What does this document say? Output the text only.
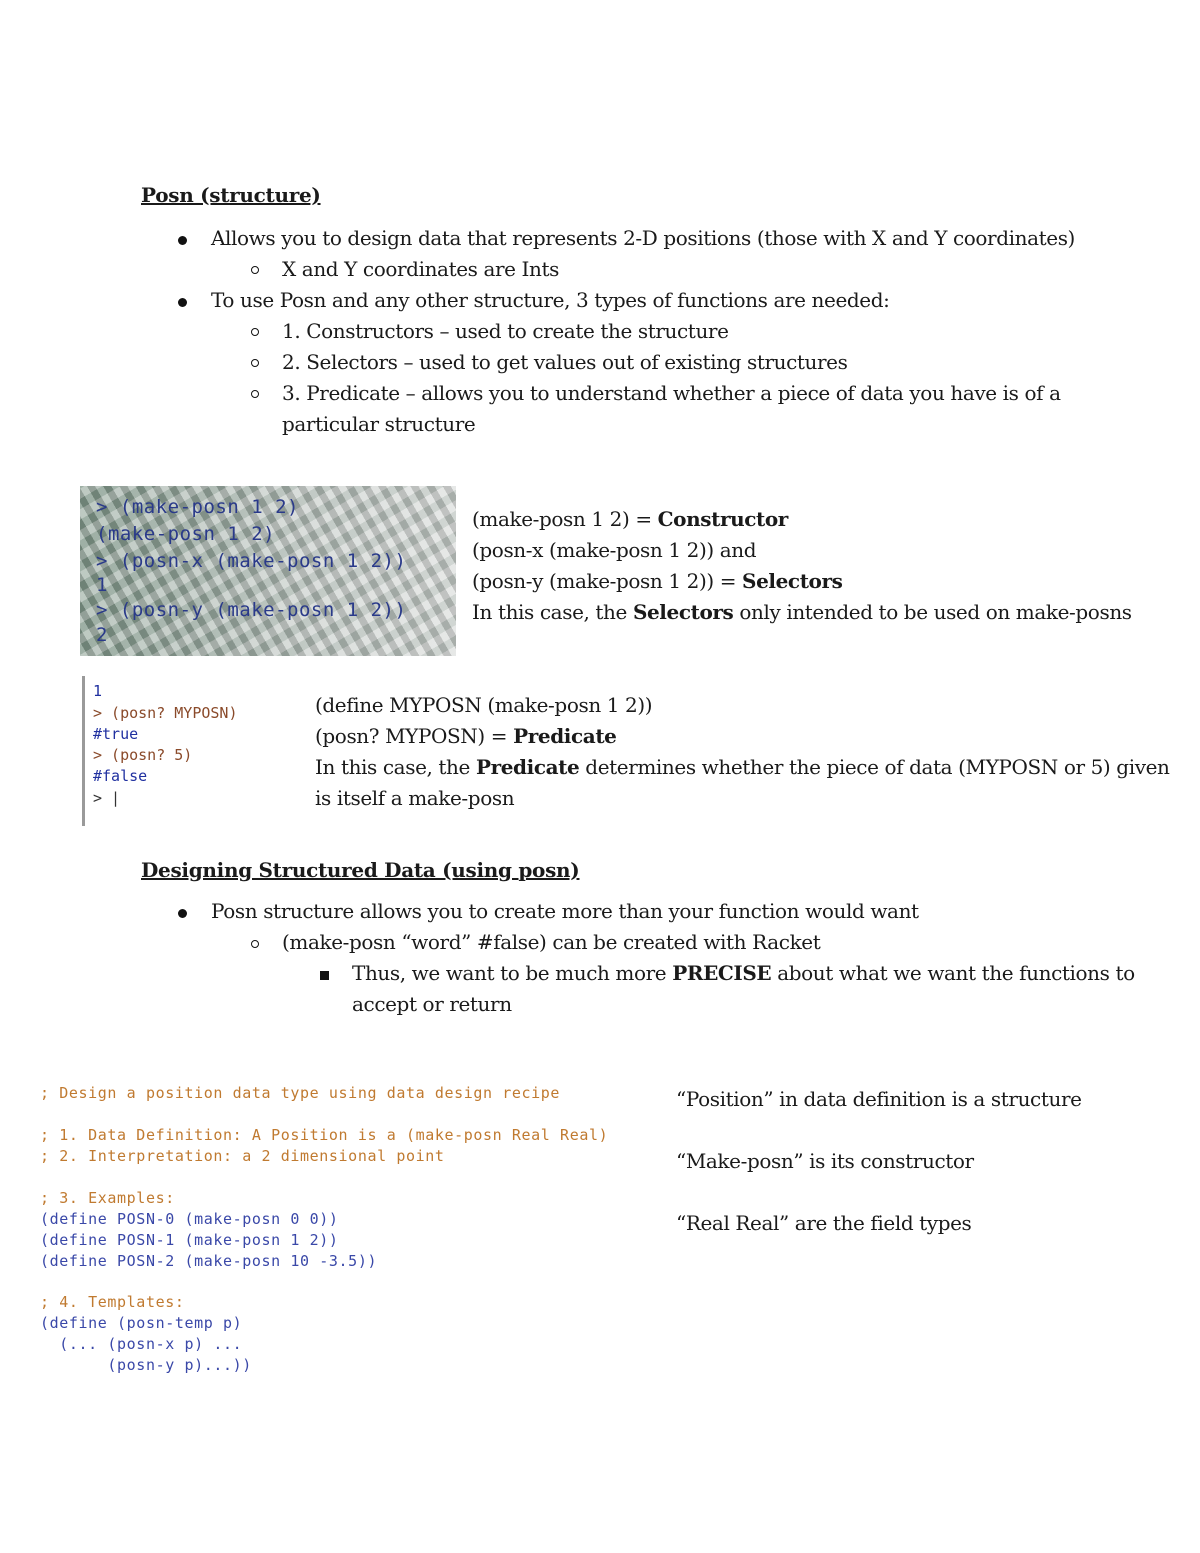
Posn (structure)
Allows you to design data that represents 2-D positions (those with X and Y coordinates)
X and Y coordinates are Ints
To use Posn and any other structure, 3 types of functions are needed:
1. Constructors – used to create the structure
2. Selectors – used to get values out of existing structures
3. Predicate – allows you to understand whether a piece of data you have is of a
particular structure
> (make-posn 1 2)
(make-posn 1 2)
> (posn-x (make-posn 1 2))
1
> (posn-y (make-posn 1 2))
2
(make-posn 1 2) = Constructor
(posn-x (make-posn 1 2)) and
(posn-y (make-posn 1 2)) = Selectors
In this case, the Selectors only intended to be used on make-posns
1
> (posn? MYPOSN)
#true
> (posn? 5)
#false
> |
(define MYPOSN (make-posn 1 2))
(posn? MYPOSN) = Predicate
In this case, the Predicate determines whether the piece of data (MYPOSN or 5) given
is itself a make-posn
Designing Structured Data (using posn)
Posn structure allows you to create more than your function would want
(make-posn “word” #false) can be created with Racket
Thus, we want to be much more PRECISE about what we want the functions to
accept or return
; Design a position data type using data design recipe
; 1. Data Definition: A Position is a (make-posn Real Real)
; 2. Interpretation: a 2 dimensional point
; 3. Examples:
(define POSN-0 (make-posn 0 0))
(define POSN-1 (make-posn 1 2))
(define POSN-2 (make-posn 10 -3.5))
; 4. Templates:
(define (posn-temp p)
(... (posn-x p) ...
(posn-y p)...))
“Position” in data definition is a structure
“Make-posn” is its constructor
“Real Real” are the field types
